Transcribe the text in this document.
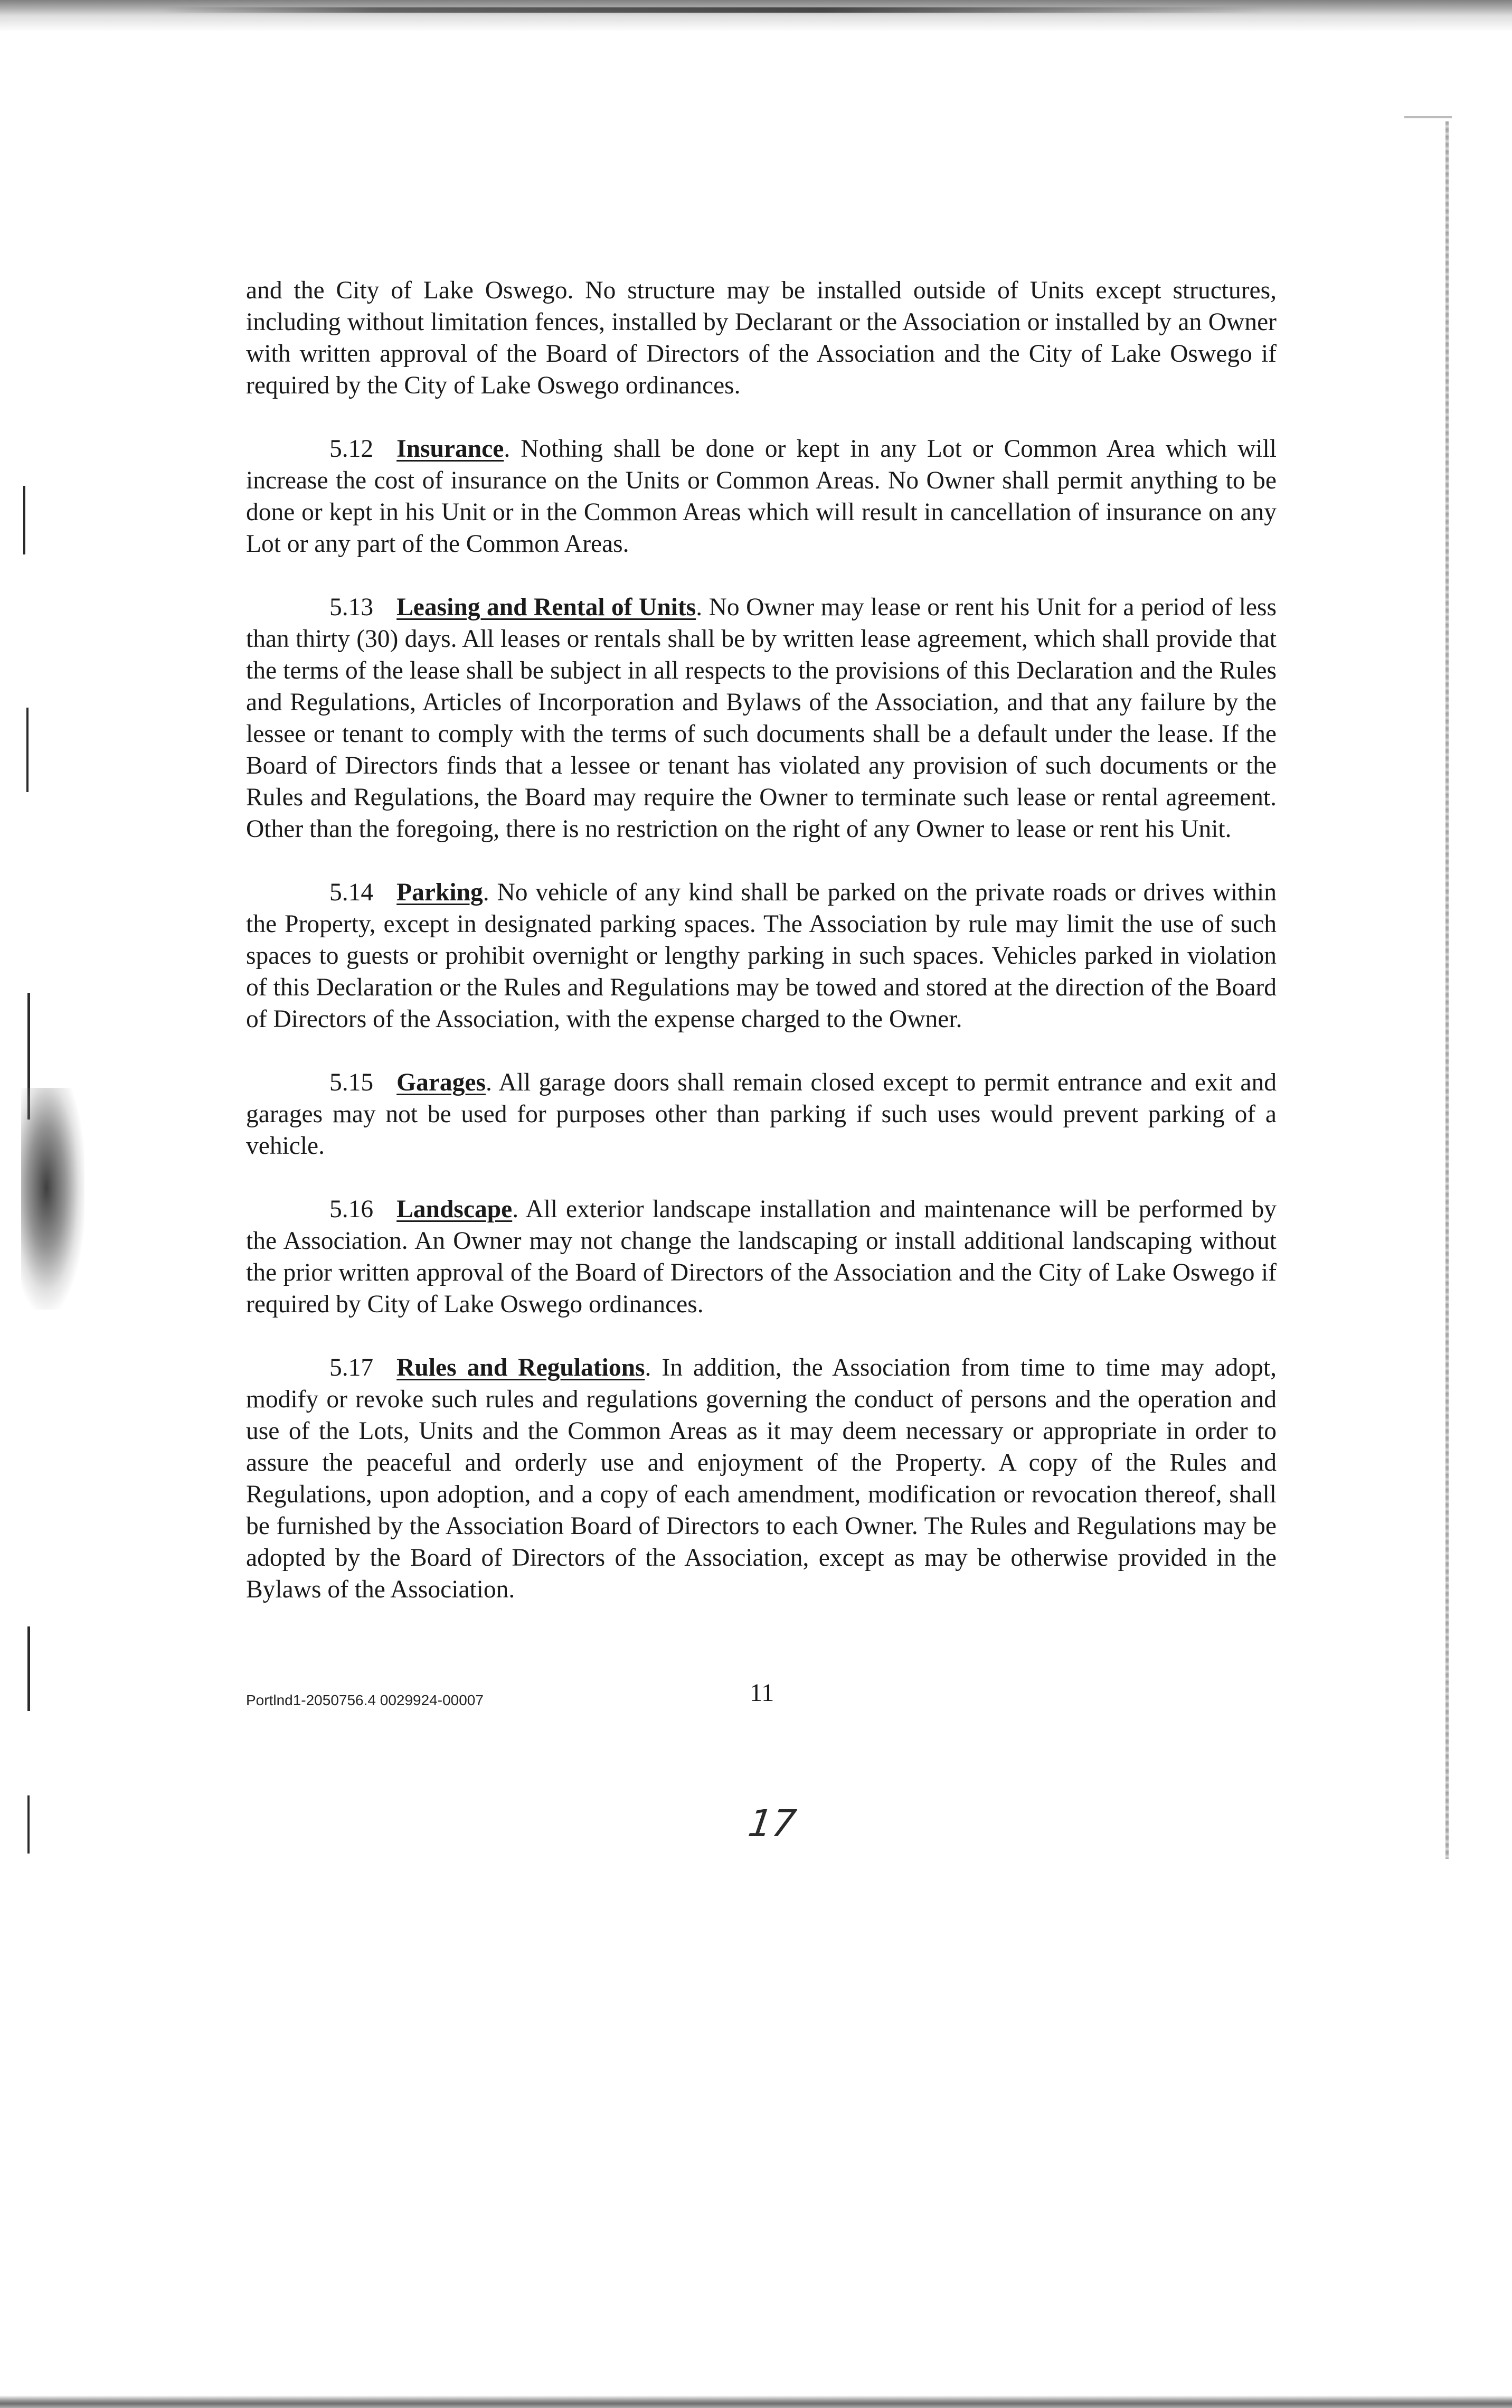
and the City of Lake Oswego. No structure may be installed outside of Units except structures, including without limitation fences, installed by Declarant or the Association or installed by an Owner with written approval of the Board of Directors of the Association and the City of Lake Oswego if required by the City of Lake Oswego ordinances.

5.12 Insurance. Nothing shall be done or kept in any Lot or Common Area which will increase the cost of insurance on the Units or Common Areas. No Owner shall permit anything to be done or kept in his Unit or in the Common Areas which will result in cancellation of insurance on any Lot or any part of the Common Areas.

5.13 Leasing and Rental of Units. No Owner may lease or rent his Unit for a period of less than thirty (30) days. All leases or rentals shall be by written lease agreement, which shall provide that the terms of the lease shall be subject in all respects to the provisions of this Declaration and the Rules and Regulations, Articles of Incorporation and Bylaws of the Association, and that any failure by the lessee or tenant to comply with the terms of such documents shall be a default under the lease. If the Board of Directors finds that a lessee or tenant has violated any provision of such documents or the Rules and Regulations, the Board may require the Owner to terminate such lease or rental agreement. Other than the foregoing, there is no restriction on the right of any Owner to lease or rent his Unit.

5.14 Parking. No vehicle of any kind shall be parked on the private roads or drives within the Property, except in designated parking spaces. The Association by rule may limit the use of such spaces to guests or prohibit overnight or lengthy parking in such spaces. Vehicles parked in violation of this Declaration or the Rules and Regulations may be towed and stored at the direction of the Board of Directors of the Association, with the expense charged to the Owner.

5.15 Garages. All garage doors shall remain closed except to permit entrance and exit and garages may not be used for purposes other than parking if such uses would prevent parking of a vehicle.

5.16 Landscape. All exterior landscape installation and maintenance will be performed by the Association. An Owner may not change the landscaping or install additional landscaping without the prior written approval of the Board of Directors of the Association and the City of Lake Oswego if required by City of Lake Oswego ordinances.

5.17 Rules and Regulations. In addition, the Association from time to time may adopt, modify or revoke such rules and regulations governing the conduct of persons and the operation and use of the Lots, Units and the Common Areas as it may deem necessary or appropriate in order to assure the peaceful and orderly use and enjoyment of the Property. A copy of the Rules and Regulations, upon adoption, and a copy of each amendment, modification or revocation thereof, shall be furnished by the Association Board of Directors to each Owner. The Rules and Regulations may be adopted by the Board of Directors of the Association, except as may be otherwise provided in the Bylaws of the Association.

Portlnd1-2050756.4 0029924-00007	11
17
